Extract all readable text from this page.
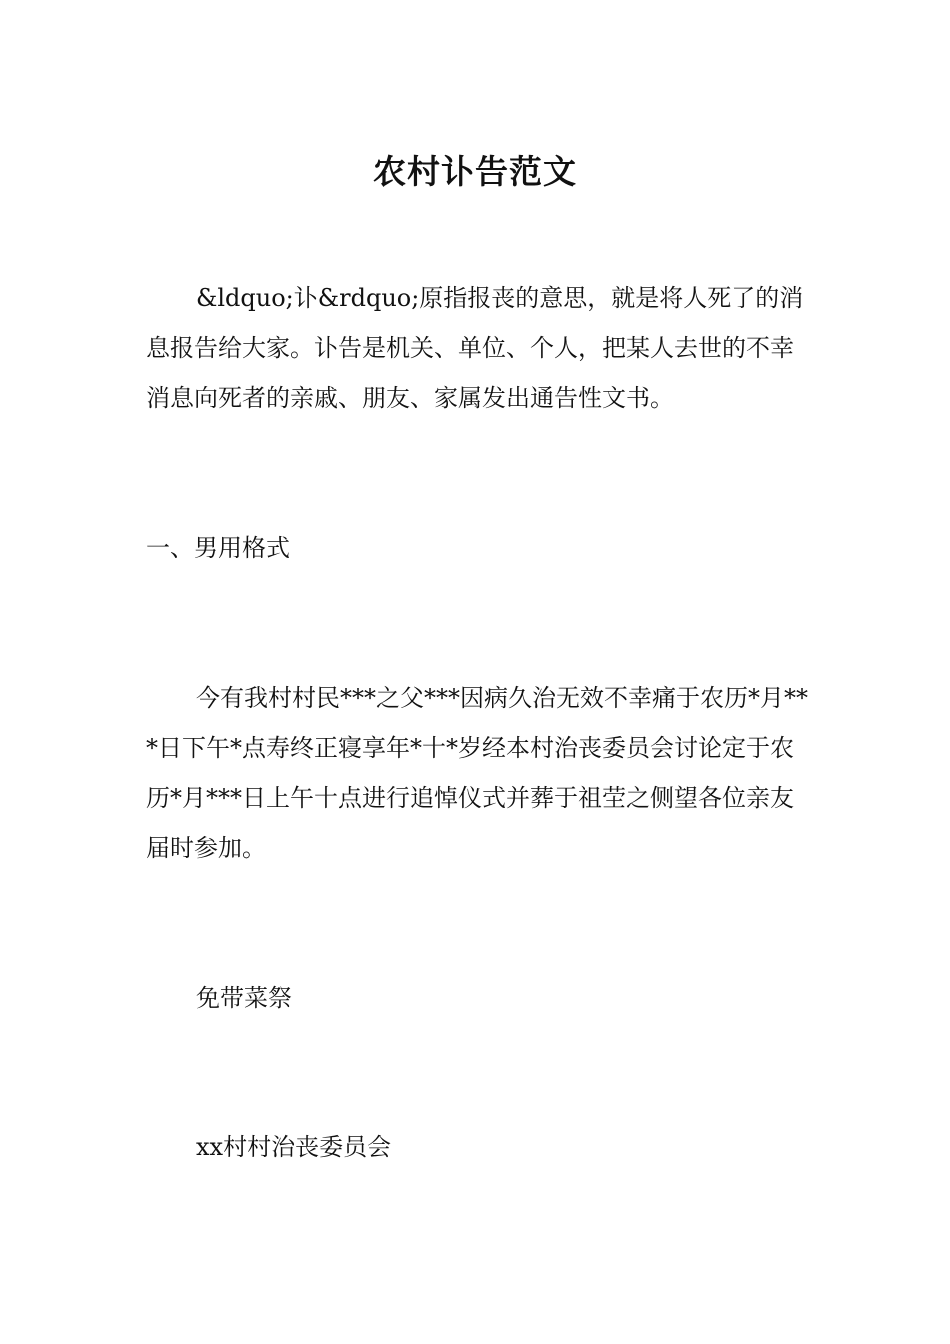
农村讣告范文

&ldquo;讣&rdquo;原指报丧的意思，就是将人死了的消息报告给大家。讣告是机关、单位、个人，把某人去世的不幸消息向死者的亲戚、朋友、家属发出通告性文书。

一、男用格式

今有我村村民***之父***因病久治无效不幸痛于农历*月***日下午*点寿终正寝享年*十*岁经本村治丧委员会讨论定于农历*月***日上午十点进行追悼仪式并葬于祖茔之侧望各位亲友届时参加。

免带菜祭

xx村村治丧委员会
